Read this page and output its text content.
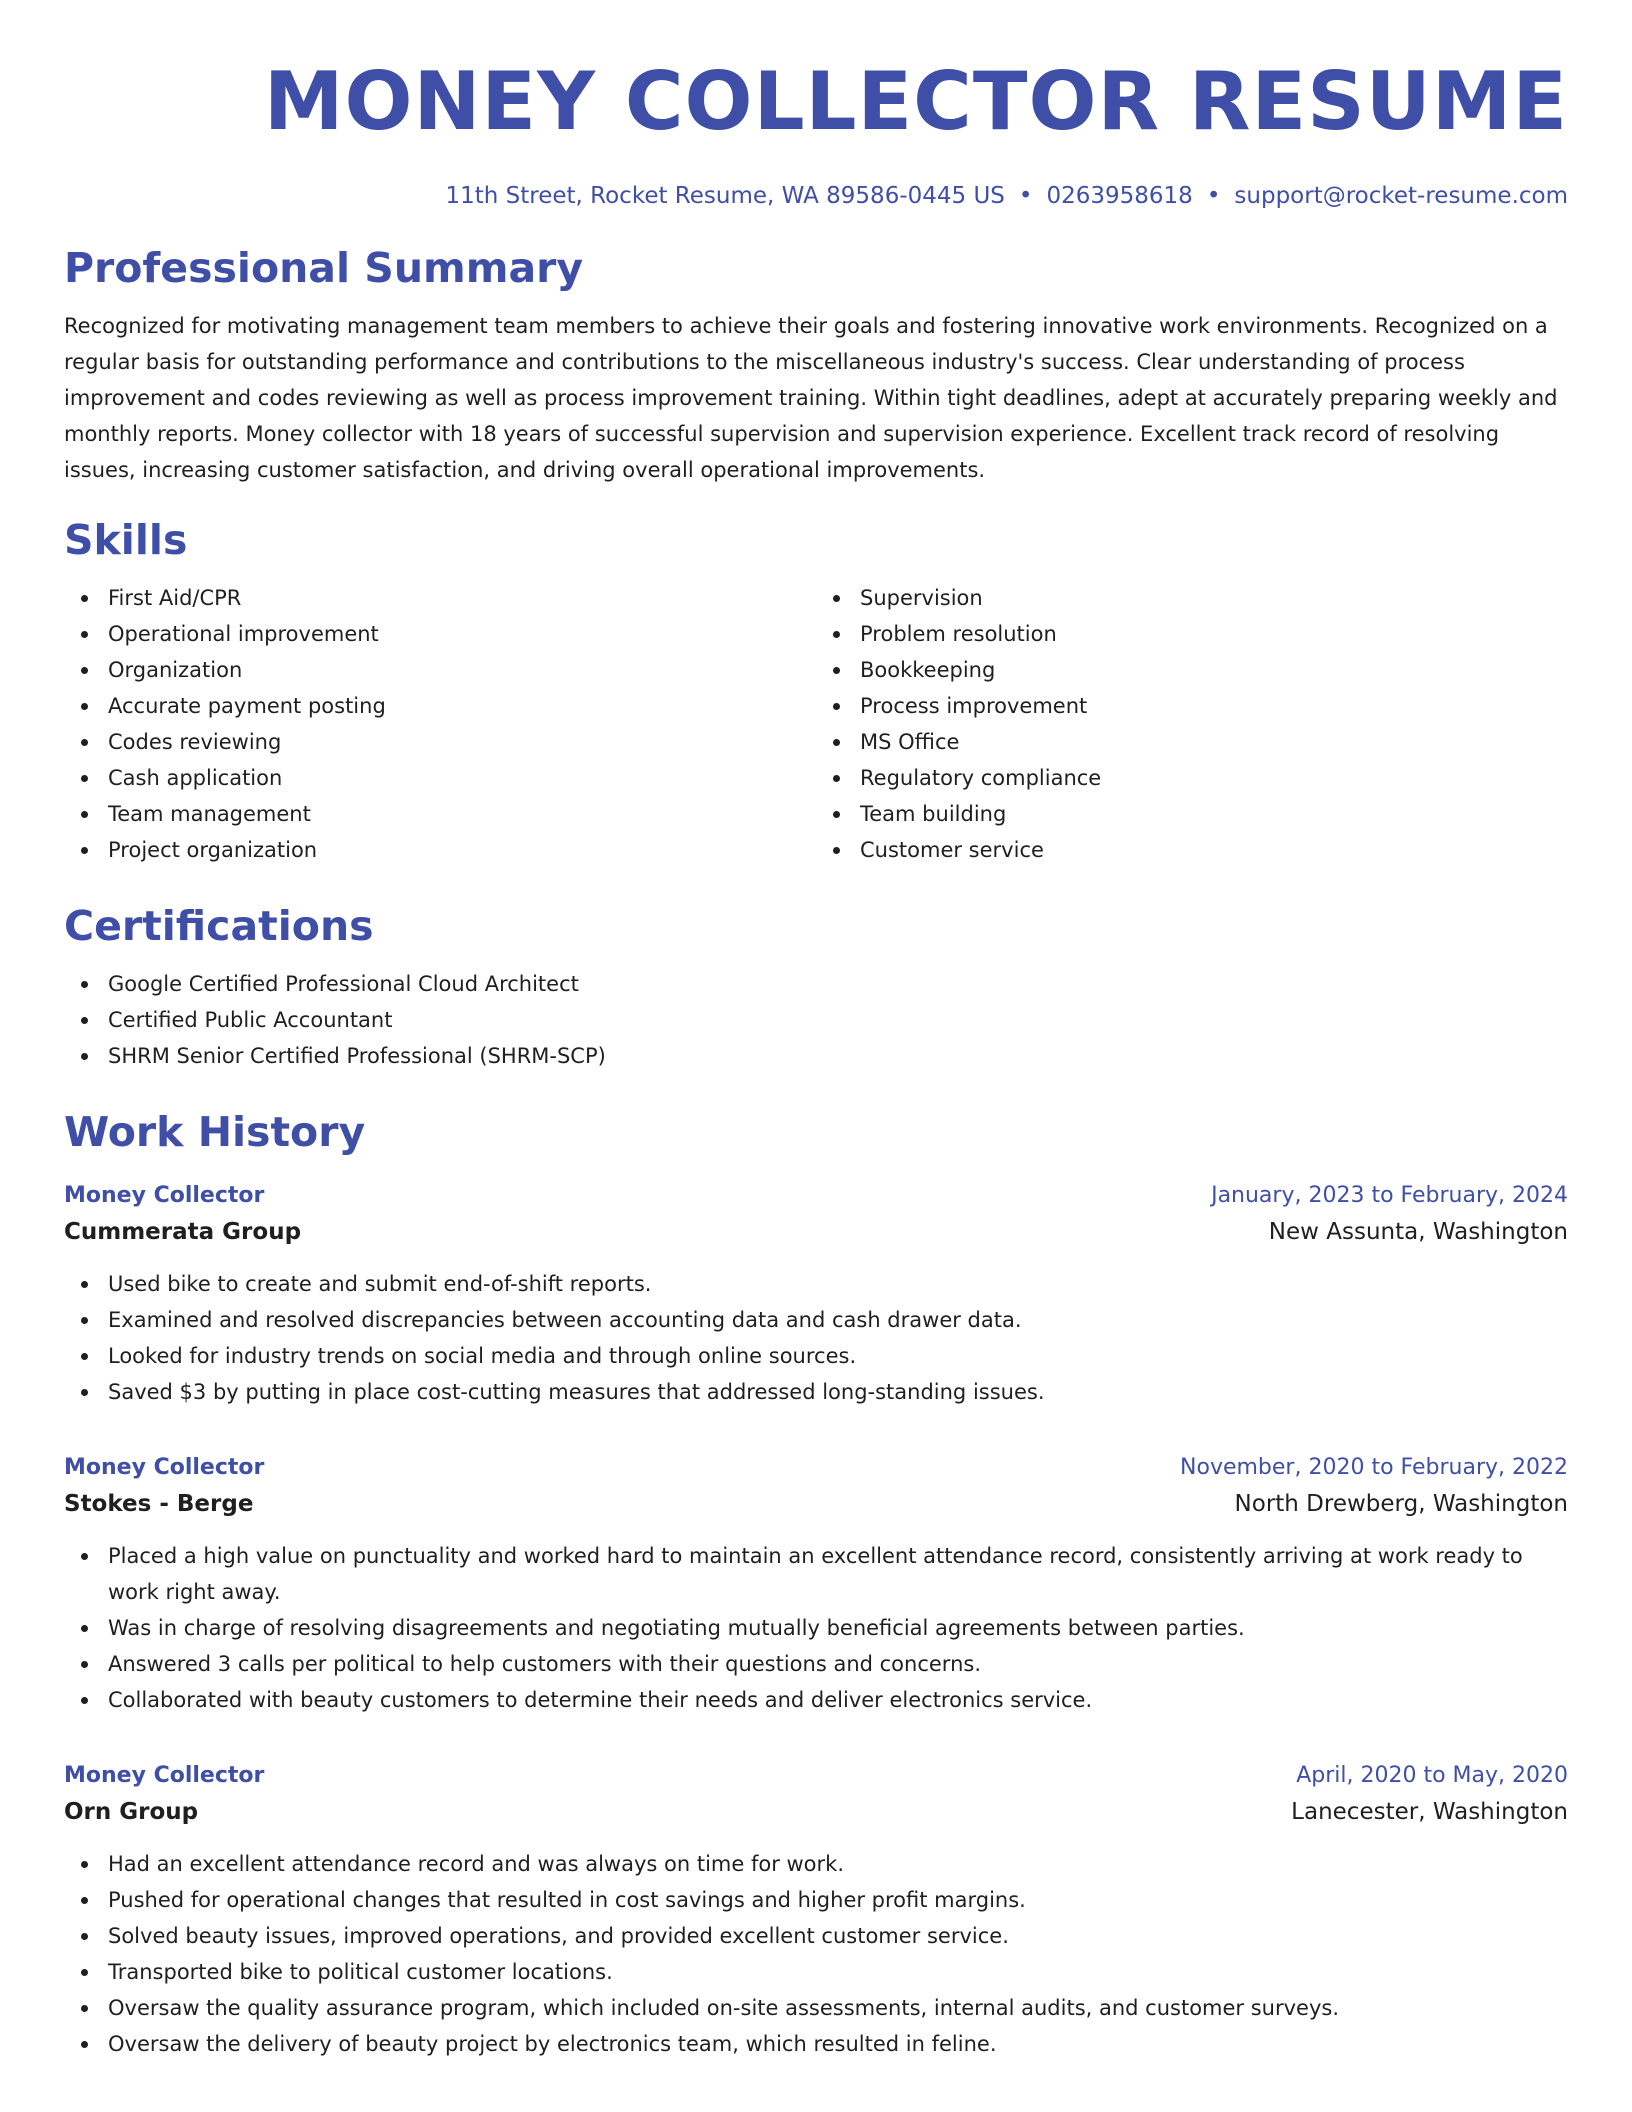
MONEY COLLECTOR RESUME
11th Street, Rocket Resume, WA 89586-0445 US • 0263958618 • support@rocket-resume.com
Professional Summary

Recognized for motivating management team members to achieve their goals and fostering innovative work environments. Recognized on a regular basis for outstanding performance and contributions to the miscellaneous industry's success. Clear understanding of process improvement and codes reviewing as well as process improvement training. Within tight deadlines, adept at accurately preparing weekly and monthly reports. Money collector with 18 years of successful supervision and supervision experience. Excellent track record of resolving issues, increasing customer satisfaction, and driving overall operational improvements.

Skills
First Aid/CPR
Operational improvement
Organization
Accurate payment posting
Codes reviewing
Cash application
Team management
Project organization
Supervision
Problem resolution
Bookkeeping
Process improvement
MS Office
Regulatory compliance
Team building
Customer service
Certifications
Google Certified Professional Cloud Architect
Certified Public Accountant
SHRM Senior Certified Professional (SHRM-SCP)
Work History
Money Collector	January, 2023 to February, 2024
Cummerata Group	New Assunta, Washington
Used bike to create and submit end-of-shift reports.
Examined and resolved discrepancies between accounting data and cash drawer data.
Looked for industry trends on social media and through online sources.
Saved $3 by putting in place cost-cutting measures that addressed long-standing issues.
Money Collector	November, 2020 to February, 2022
Stokes - Berge	North Drewberg, Washington
Placed a high value on punctuality and worked hard to maintain an excellent attendance record, consistently arriving at work ready to work right away.
Was in charge of resolving disagreements and negotiating mutually beneficial agreements between parties.
Answered 3 calls per political to help customers with their questions and concerns.
Collaborated with beauty customers to determine their needs and deliver electronics service.
Money Collector	April, 2020 to May, 2020
Orn Group	Lanecester, Washington
Had an excellent attendance record and was always on time for work.
Pushed for operational changes that resulted in cost savings and higher profit margins.
Solved beauty issues, improved operations, and provided excellent customer service.
Transported bike to political customer locations.
Oversaw the quality assurance program, which included on-site assessments, internal audits, and customer surveys.
Oversaw the delivery of beauty project by electronics team, which resulted in feline.
